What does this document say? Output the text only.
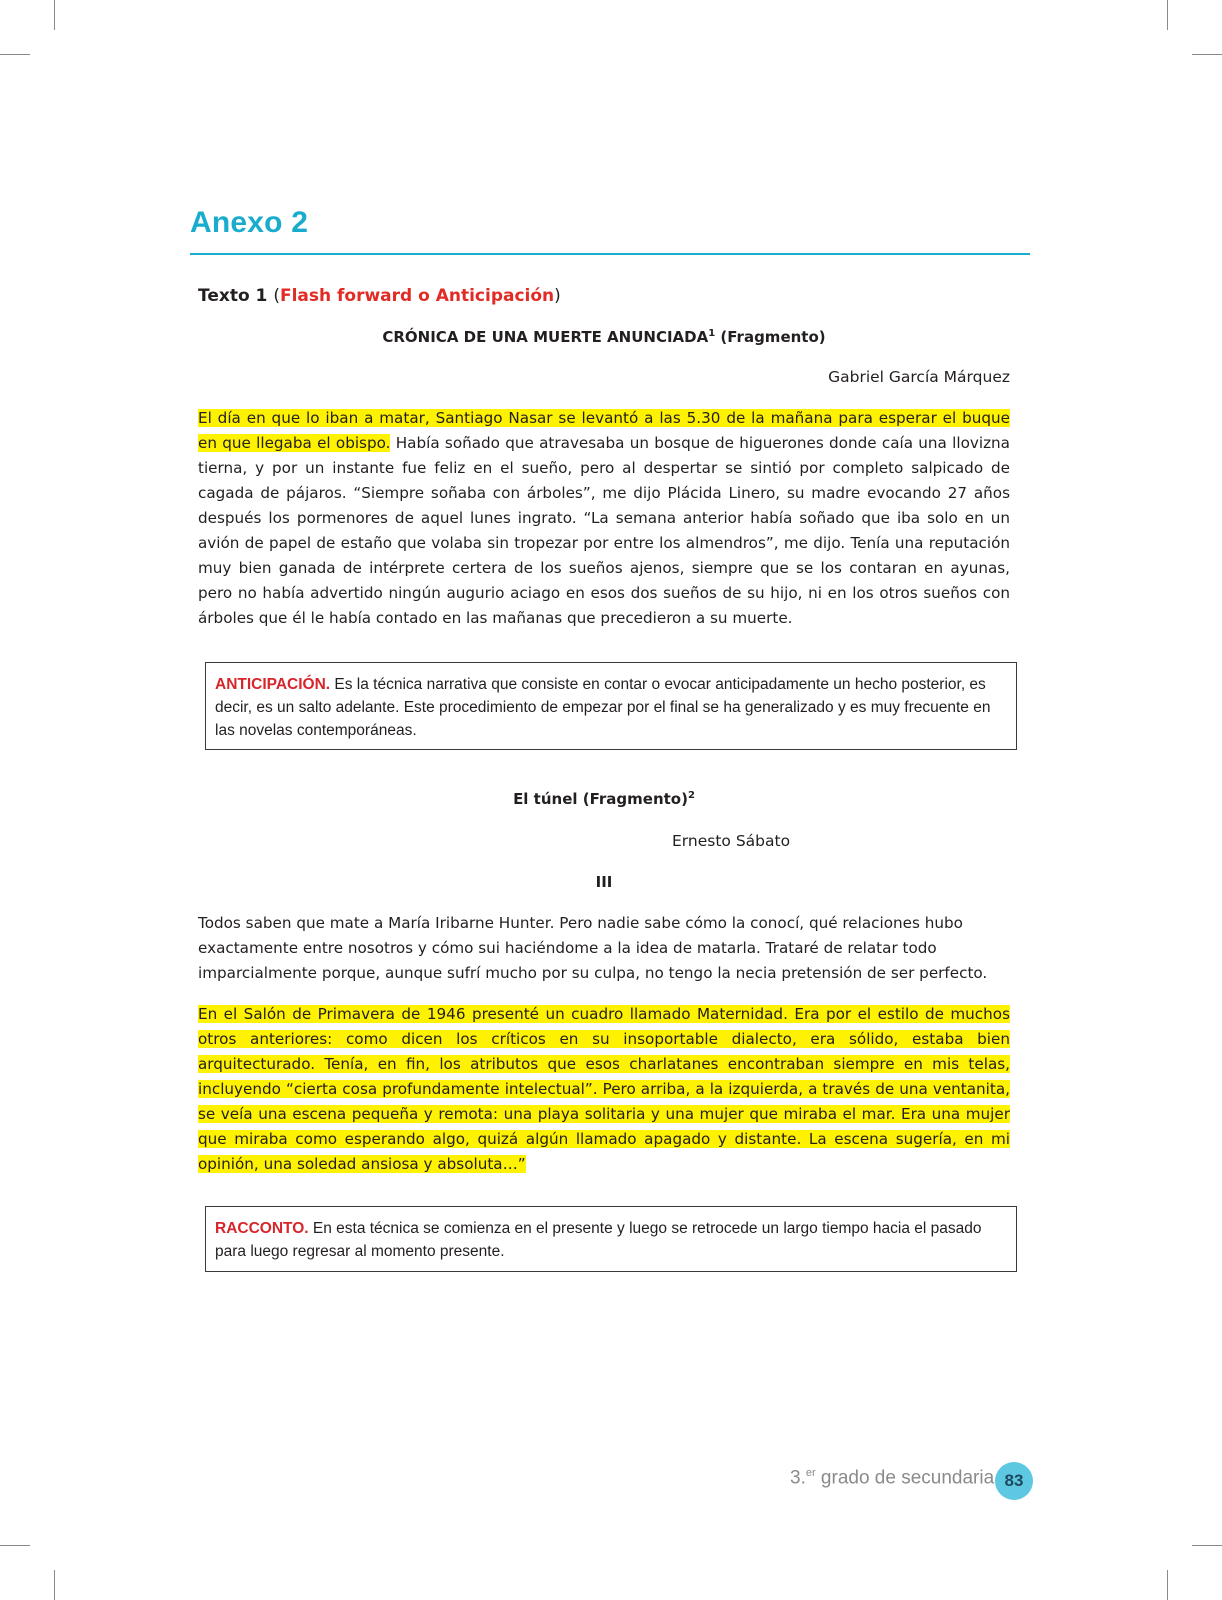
Anexo 2
Texto 1 (Flash forward o Anticipación)
CRÓNICA DE UNA MUERTE ANUNCIADA$^1$ (Fragmento)
Gabriel García Márquez

El día en que lo iban a matar, Santiago Nasar se levantó a las 5.30 de la mañana para esperar el buque en que llegaba el obispo. Había soñado que atravesaba un bosque de higuerones donde caía una llovizna tierna, y por un instante fue feliz en el sueño, pero al despertar se sintió por completo salpicado de cagada de pájaros. “Siempre soñaba con árboles”, me dijo Plácida Linero, su madre evocando 27 años después los pormenores de aquel lunes ingrato. “La semana anterior había soñado que iba solo en un avión de papel de estaño que volaba sin tropezar por entre los almendros”, me dijo. Tenía una reputación muy bien ganada de intérprete certera de los sueños ajenos, siempre que se los contaran en ayunas, pero no había advertido ningún augurio aciago en esos dos sueños de su hijo, ni en los otros sueños con árboles que él le había contado en las mañanas que precedieron a su muerte.

ANTICIPACIÓN. Es la técnica narrativa que consiste en contar o evocar anticipadamente un hecho posterior, es decir, es un salto adelante. Este procedimiento de empezar por el final se ha generalizado y es muy frecuente en las novelas contemporáneas.
El túnel (Fragmento)$^2$
Ernesto Sábato
III

Todos saben que mate a María Iribarne Hunter. Pero nadie sabe cómo la conocí, qué relaciones hubo exactamente entre nosotros y cómo sui haciéndome a la idea de matarla. Trataré de relatar todo imparcialmente porque, aunque sufrí mucho por su culpa, no tengo la necia pretensión de ser perfecto.

En el Salón de Primavera de 1946 presenté un cuadro llamado Maternidad. Era por el estilo de muchos otros anteriores: como dicen los críticos en su insoportable dialecto, era sólido, estaba bien arquitecturado. Tenía, en fin, los atributos que esos charlatanes encontraban siempre en mis telas, incluyendo “cierta cosa profundamente intelectual”. Pero arriba, a la izquierda, a través de una ventanita, se veía una escena pequeña y remota: una playa solitaria y una mujer que miraba el mar. Era una mujer que miraba como esperando algo, quizá algún llamado apagado y distante. La escena sugería, en mi opinión, una soledad ansiosa y absoluta…”

RACCONTO. En esta técnica se comienza en el presente y luego se retrocede un largo tiempo hacia el pasado para luego regresar al momento presente.
3.$^{er}$ grado de secundaria 83
